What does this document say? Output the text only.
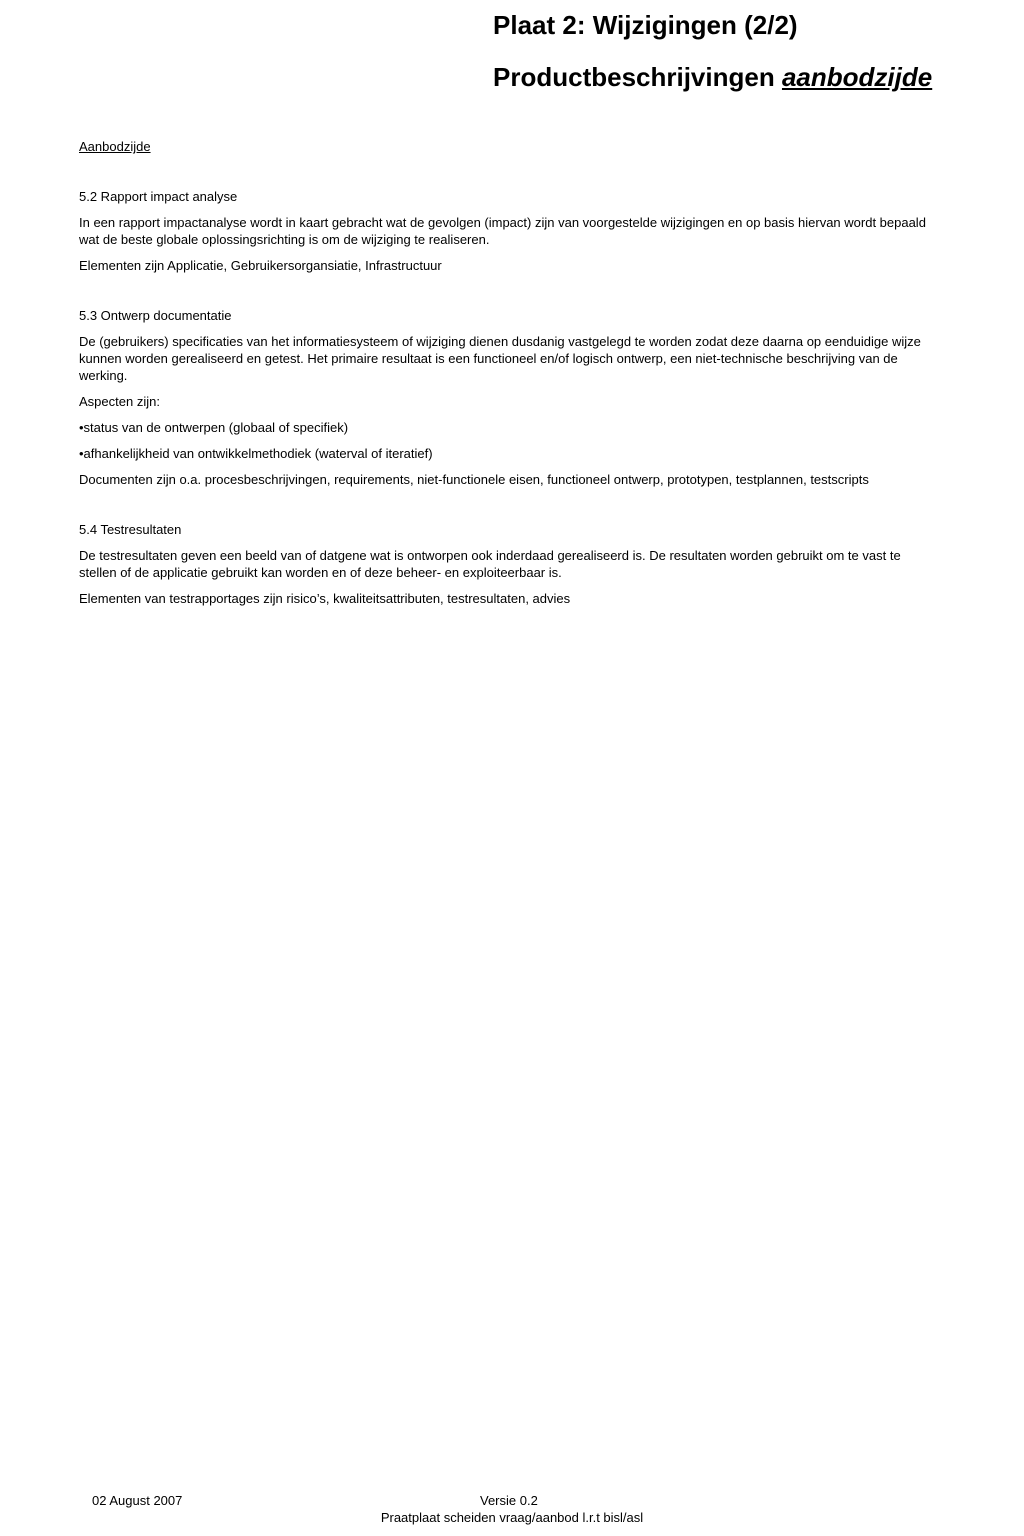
Plaat 2: Wijzigingen (2/2)
Productbeschrijvingen aanbodzijde

Aanbodzijde

5.2 Rapport impact analyse

In een rapport impactanalyse wordt in kaart gebracht wat de gevolgen (impact) zijn van voorgestelde wijzigingen en op basis hiervan wordt bepaald wat de beste globale oplossingsrichting is om de wijziging te realiseren.

Elementen zijn Applicatie, Gebruikersorgansiatie, Infrastructuur

5.3 Ontwerp documentatie

De (gebruikers) specificaties van het informatiesysteem of wijziging dienen dusdanig vastgelegd te worden zodat deze daarna op eenduidige wijze kunnen worden gerealiseerd en getest. Het primaire resultaat is een functioneel en/of logisch ontwerp, een niet-technische beschrijving van de werking.

Aspecten zijn:

•status van de ontwerpen (globaal of specifiek)

•afhankelijkheid van ontwikkelmethodiek (waterval of iteratief)

Documenten zijn o.a. procesbeschrijvingen, requirements, niet-functionele eisen, functioneel ontwerp, prototypen, testplannen, testscripts

5.4 Testresultaten

De testresultaten geven een beeld van of datgene wat is ontworpen ook inderdaad gerealiseerd is. De resultaten worden gebruikt om te vast te stellen of de applicatie gebruikt kan worden en of deze beheer- en exploiteerbaar is.

Elementen van testrapportages zijn risico’s, kwaliteitsattributen, testresultaten, advies

02 August 2007	Versie 0.2
Praatplaat scheiden vraag/aanbod l.r.t bisl/asl
